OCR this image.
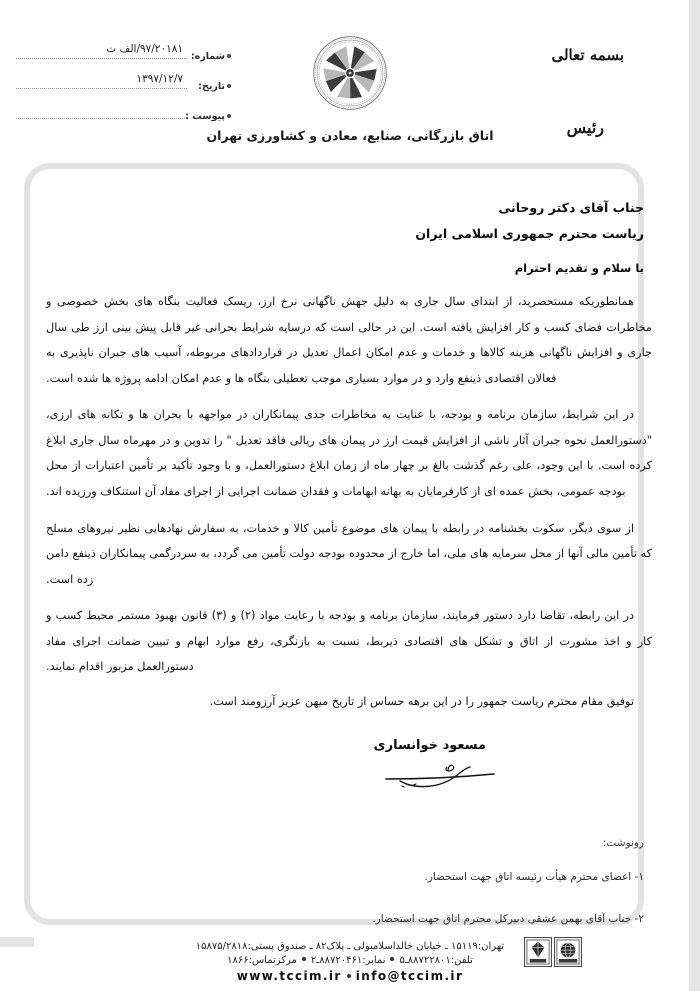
شماره:
۹۷/۲۰۱۸۱/الف ت
تاریخ:
۱۳۹۷/۱۲/۷
پیوست :
اتاق بازرگانی، صنایع، معادن و کشاورزی تهران
بسمه تعالی
رئیس
جناب آقای دکتر روحانی
ریاست محترم جمهوری اسلامی ایران
با سلام و تقدیم احترام

همانطوریکه مستحضرید، از ابتدای سال جاری به دلیل جهش ناگهانی نرخ ارز، ریسک فعالیت بنگاه های بخش خصوصی و مخاطرات فضای کسب و کار افزایش یافته است. این در حالی است که درسایه شرایط بحرانی غیر قابل پیش بینی ارز طی سال جاری و افزایش ناگهانی هزینه کالاها و خدمات و عدم امکان اعمال تعدیل در قراردادهای مربوطه، آسیب های جبران ناپذیری به فعالان اقتصادی ذینفع وارد و در موارد بسیاری موجب تعطیلی بنگاه ها و عدم امکان ادامه پروژه ها شده است.

در این شرایط، سازمان برنامه و بودجه، با عنایت به مخاطرات جدی پیمانکاران در مواجهه با بحران ها و تکانه های ارزی، "دستورالعمل نحوه جبران آثار ناشی از افزایش قیمت ارز در پیمان های ریالی فاقد تعدیل " را تدوین و در مهرماه سال جاری ابلاغ کرده است. با این وجود، علی رغم گذشت بالغ بر چهار ماه از زمان ابلاغ دستورالعمل، و با وجود تأکید بر تأمین اعتبارات از محل بودجه عمومی، بخش عمده ای از کارفرمایان به بهانه ابهامات و فقدان ضمانت اجرایی از اجرای مفاد آن استنکاف ورزیده اند.

از سوی دیگر، سکوت بخشنامه در رابطه با پیمان های موضوع تأمین کالا و خدمات، به سفارش نهادهایی نظیر نیروهای مسلح که تأمین مالی آنها از محل سرمایه های ملی، اما خارج از محدوده بودجه دولت تأمین می گردد، به سردرگمی پیمانکاران ذینفع دامن زده است.

در این رابطه، تقاضا دارد دستور فرمایند، سازمان برنامه و بودجه با رعایت مواد (۲) و (۳) قانون بهبود مستمر محیط کسب و کار و اخذ مشورت از اتاق و تشکل های اقتصادی ذیربط، نسبت به بازنگری، رفع موارد ابهام و تبیین ضمانت اجرای مفاد دستورالعمل مزبور اقدام نمایند.

توفیق مقام محترم ریاست جمهور را در این برهه حساس از تاریخ میهن عزیز آرزومند است.
مسعود خوانساری
رونوشت:
۱- اعضای محترم هیأت رئیسه اتاق جهت استحضار.
۲- جناب آقای بهمن عشقی دبیرکل محترم اتاق جهت استحضار.
تهران:۱۵۱۱۹ ـ خیابان خالداسلامبولی ـ پلاک۸۲ ـ صندوق پستی:۱۵۸۷۵/۲۸۱۸
تلفن:۸۸۷۲۲۸۰۱ـ۵نمابر:۸۸۷۲۰۴۶۱ـ۲مرکزتماس:۱۸۶۶
www.tccim.ir info@tccim.ir
